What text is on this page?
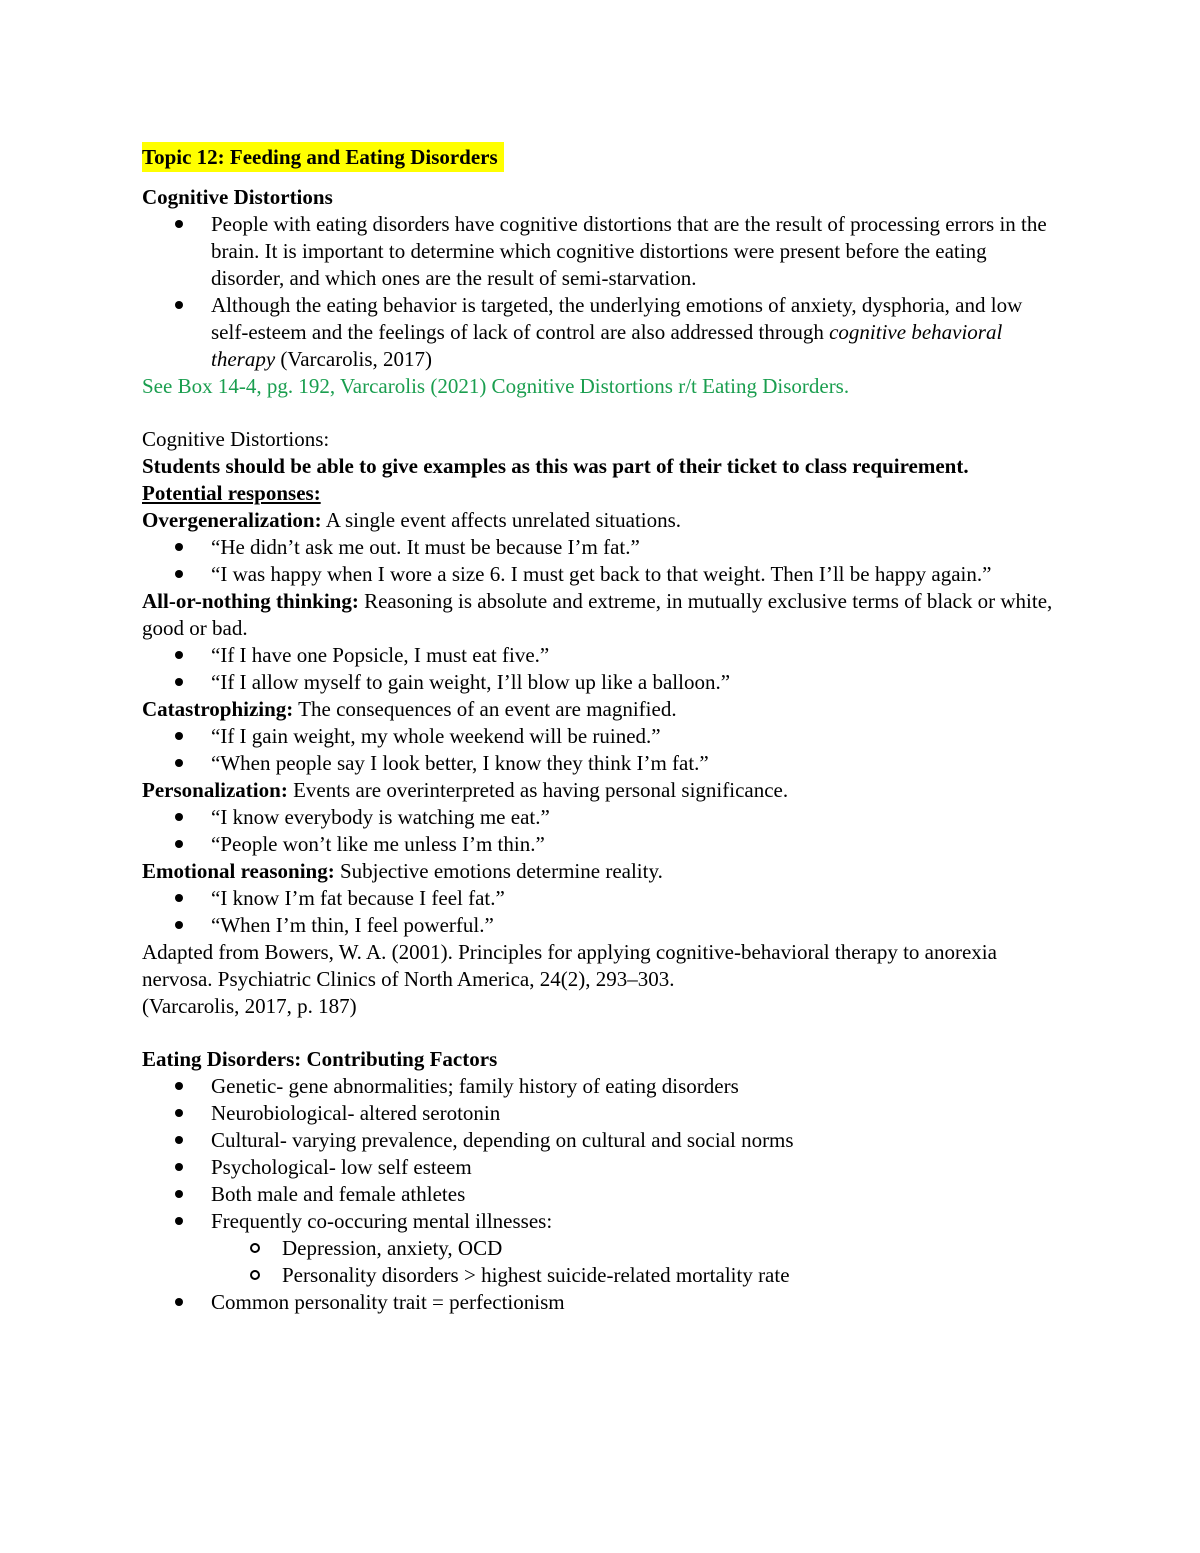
Topic 12: Feeding and Eating Disorders

Cognitive Distortions

People with eating disorders have cognitive distortions that are the result of processing errors in the brain. It is important to determine which cognitive distortions were present before the eating disorder, and which ones are the result of semi-starvation.
Although the eating behavior is targeted, the underlying emotions of anxiety, dysphoria, and low self-esteem and the feelings of lack of control are also addressed through cognitive behavioral therapy (Varcarolis, 2017)

See Box 14-4, pg. 192, Varcarolis (2021) Cognitive Distortions r/t Eating Disorders.

Cognitive Distortions:

Students should be able to give examples as this was part of their ticket to class requirement.

Potential responses:

Overgeneralization: A single event affects unrelated situations.

“He didn’t ask me out. It must be because I’m fat.”
“I was happy when I wore a size 6. I must get back to that weight. Then I’ll be happy again.”

All-or-nothing thinking: Reasoning is absolute and extreme, in mutually exclusive terms of black or white, good or bad.

“If I have one Popsicle, I must eat five.”
“If I allow myself to gain weight, I’ll blow up like a balloon.”

Catastrophizing: The consequences of an event are magnified.

“If I gain weight, my whole weekend will be ruined.”
“When people say I look better, I know they think I’m fat.”

Personalization: Events are overinterpreted as having personal significance.

“I know everybody is watching me eat.”
“People won’t like me unless I’m thin.”

Emotional reasoning: Subjective emotions determine reality.

“I know I’m fat because I feel fat.”
“When I’m thin, I feel powerful.”

Adapted from Bowers, W. A. (2001). Principles for applying cognitive-behavioral therapy to anorexia nervosa. Psychiatric Clinics of North America, 24(2), 293–303.

(Varcarolis, 2017, p. 187)

Eating Disorders: Contributing Factors

Genetic- gene abnormalities; family history of eating disorders
Neurobiological- altered serotonin
Cultural- varying prevalence, depending on cultural and social norms
Psychological- low self esteem
Both male and female athletes
Frequently co-occuring mental illnesses:
Depression, anxiety, OCD
Personality disorders > highest suicide-related mortality rate
Common personality trait = perfectionism
